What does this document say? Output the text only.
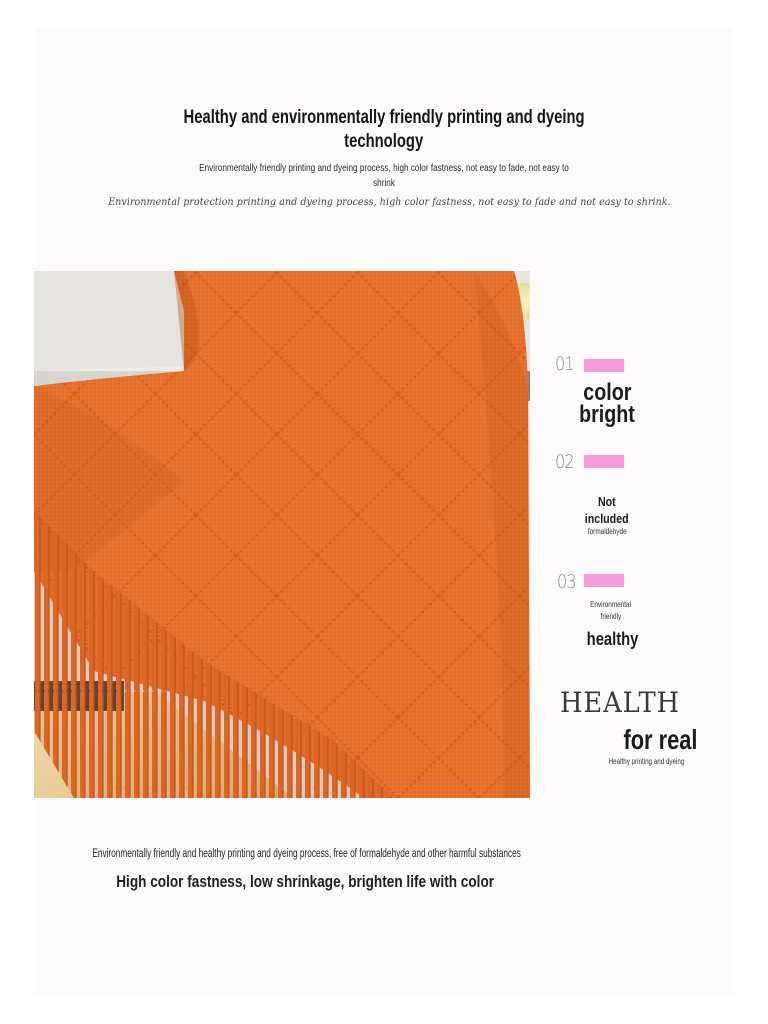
Healthy and environmentally friendly printing and dyeing
technology
Environmentally friendly printing and dyeing process, high color fastness, not easy to fade, not easy to
shrink
Environmental protection printing and dyeing process, high color fastness, not easy to fade and not easy to shrink.
01
color
bright
02
Not
included
formaldehyde
03
Environmental
friendly
healthy
HEALTH
for real
Healthy printing and dyeing
Environmentally friendly and healthy printing and dyeing process, free of formaldehyde and other harmful substances
High color fastness, low shrinkage, brighten life with color
